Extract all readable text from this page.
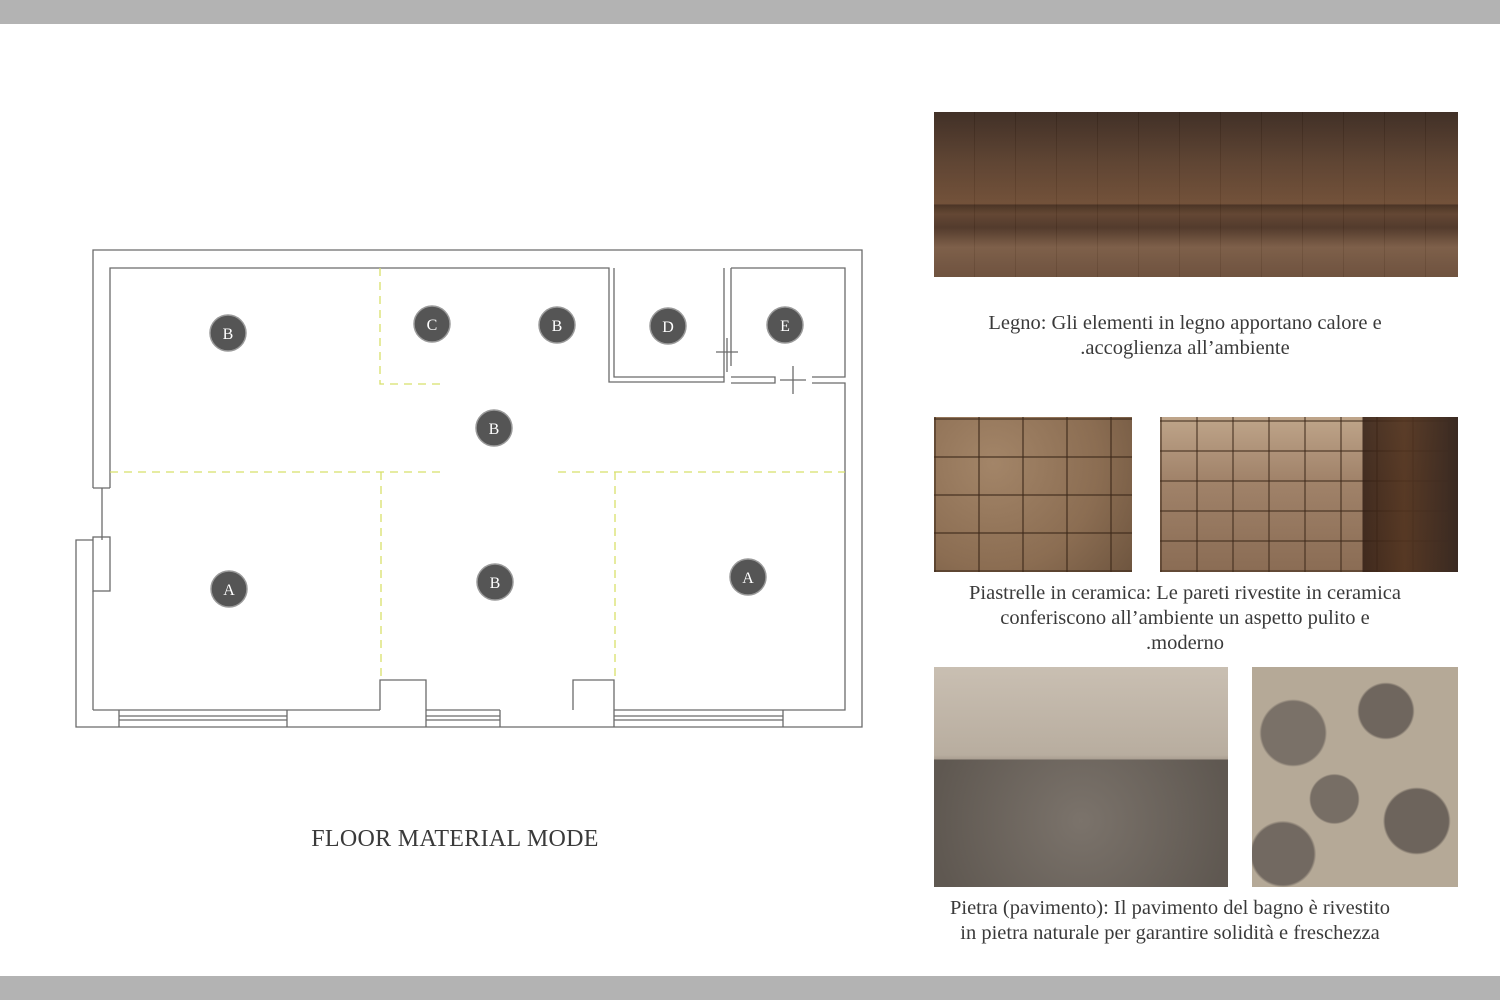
B
C	B	D	E
B
A	B	A
FLOOR MATERIAL MODE
Legno: Gli elementi in legno apportano calore e
.accoglienza all’ambiente
Piastrelle in ceramica: Le pareti rivestite in ceramica
conferiscono all’ambiente un aspetto pulito e
.moderno
Pietra (pavimento): Il pavimento del bagno è rivestito
in pietra naturale per garantire solidità e freschezza
